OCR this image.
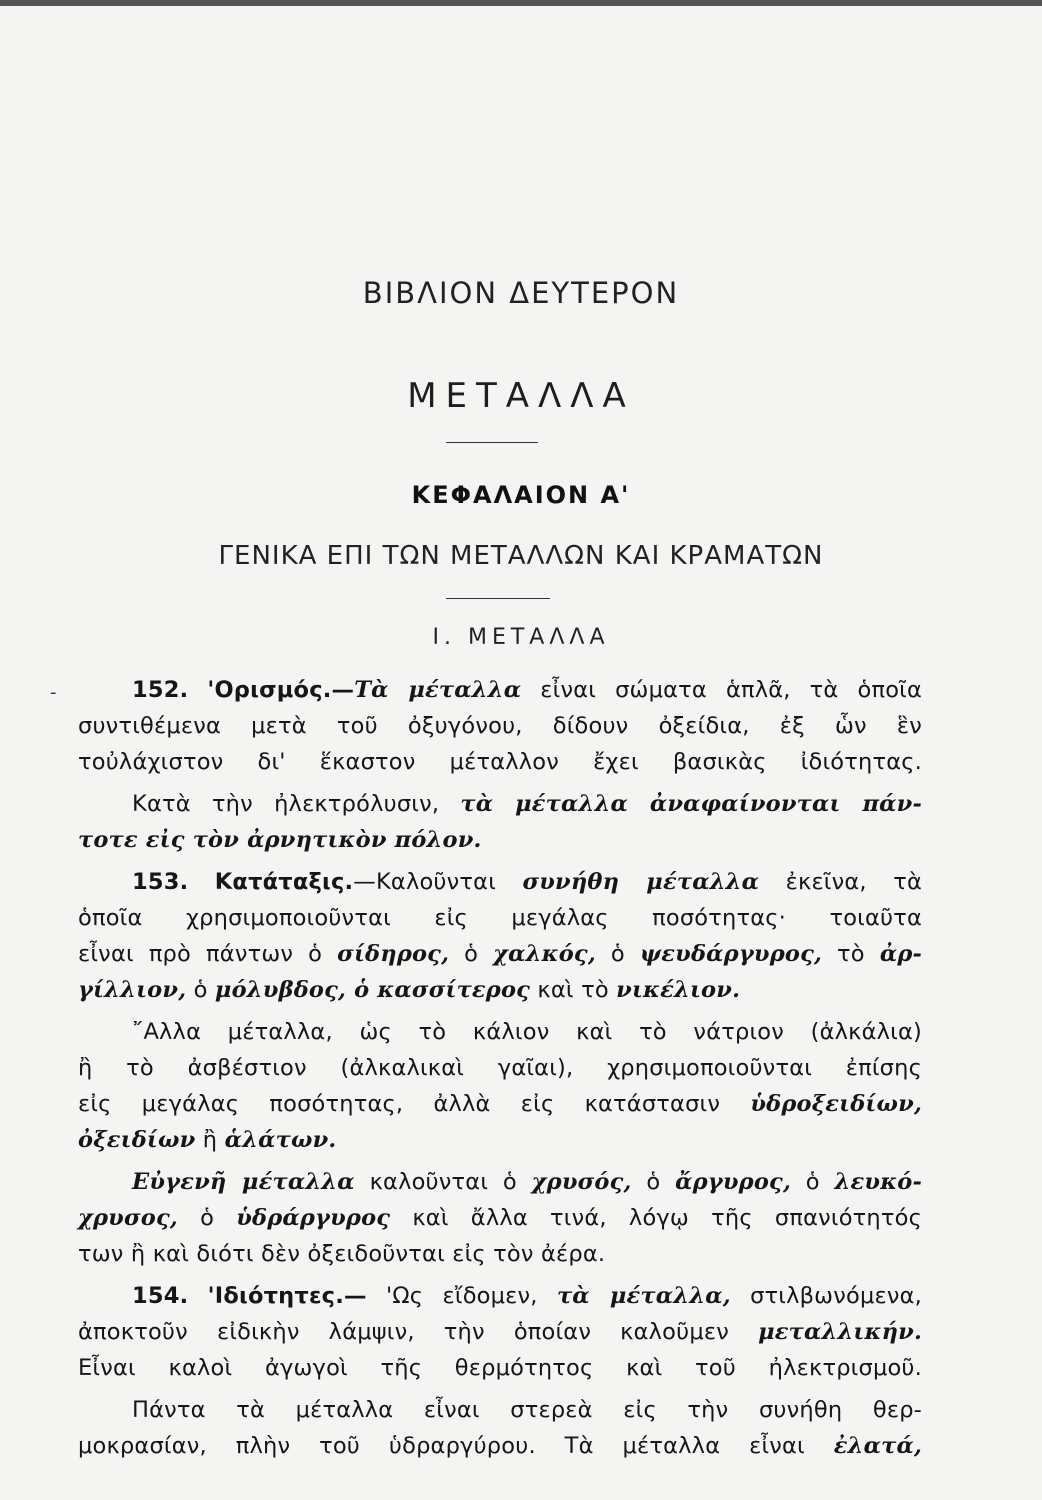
ΒΙΒΛΙΟΝ ΔΕΥΤΕΡΟΝ
ΜΕΤΑΛΛΑ
ΚΕΦΑΛΑΙΟΝ Α'
ΓΕΝΙΚΑ ΕΠΙ ΤΩΝ ΜΕΤΑΛΛΩΝ ΚΑΙ ΚΡΑΜΑΤΩΝ
Ι. ΜΕΤΑΛΛΑ
-	152. 'Ορισμός.—Τὰ μέταλλα εἶναι σώματα ἁπλᾶ, τὰ ὁποῖα
συντιθέμενα μετὰ τοῦ ὀξυγόνου, δίδουν ὀξείδια, ἐξ ὧν ἓν
τοὐλάχιστον δι' ἕκαστον μέταλλον ἔχει βασικὰς ἰδιότητας.
Κατὰ τὴν ἠλεκτρόλυσιν, τὰ μέταλλα ἀναφαίνονται πάν-
τοτε εἰς τὸν ἀρνητικὸν πόλον.
153. Κατάταξις.—Καλοῦνται συνήθη μέταλλα ἐκεῖνα, τὰ
ὁποῖα χρησιμοποιοῦνται εἰς μεγάλας ποσότητας· τοιαῦτα
εἶναι πρὸ πάντων ὁ σίδηρος, ὁ χαλκός, ὁ ψευδάργυρος, τὸ ἀρ-
γίλλιον, ὁ μόλυβδος, ὁ κασσίτερος καὶ τὸ νικέλιον.
῎Αλλα μέταλλα, ὡς τὸ κάλιον καὶ τὸ νάτριον (ἀλκάλια)
ἢ τὸ ἀσβέστιον (ἀλκαλικαὶ γαῖαι), χρησιμοποιοῦνται ἐπίσης
εἰς μεγάλας ποσότητας, ἀλλὰ εἰς κατάστασιν ὑδροξειδίων,
ὀξειδίων ἢ ἁλάτων.
Εὐγενῆ μέταλλα καλοῦνται ὁ χρυσός, ὁ ἄργυρος, ὁ λευκό-
χρυσος, ὁ ὑδράργυρος καὶ ἄλλα τινά, λόγῳ τῆς σπανιότητός
των ἢ καὶ διότι δὲν ὀξειδοῦνται εἰς τὸν ἀέρα.
154. 'Ιδιότητες.— 'Ως εἴδομεν, τὰ μέταλλα, στιλβωνόμενα,
ἀποκτοῦν εἰδικὴν λάμψιν, τὴν ὁποίαν καλοῦμεν μεταλλικήν.
Εἶναι καλοὶ ἀγωγοὶ τῆς θερμότητος καὶ τοῦ ἠλεκτρισμοῦ.
Πάντα τὰ μέταλλα εἶναι στερεὰ εἰς τὴν συνήθη θερ-
μοκρασίαν, πλὴν τοῦ ὑδραργύρου. Τὰ μέταλλα εἶναι ἐλατά,
